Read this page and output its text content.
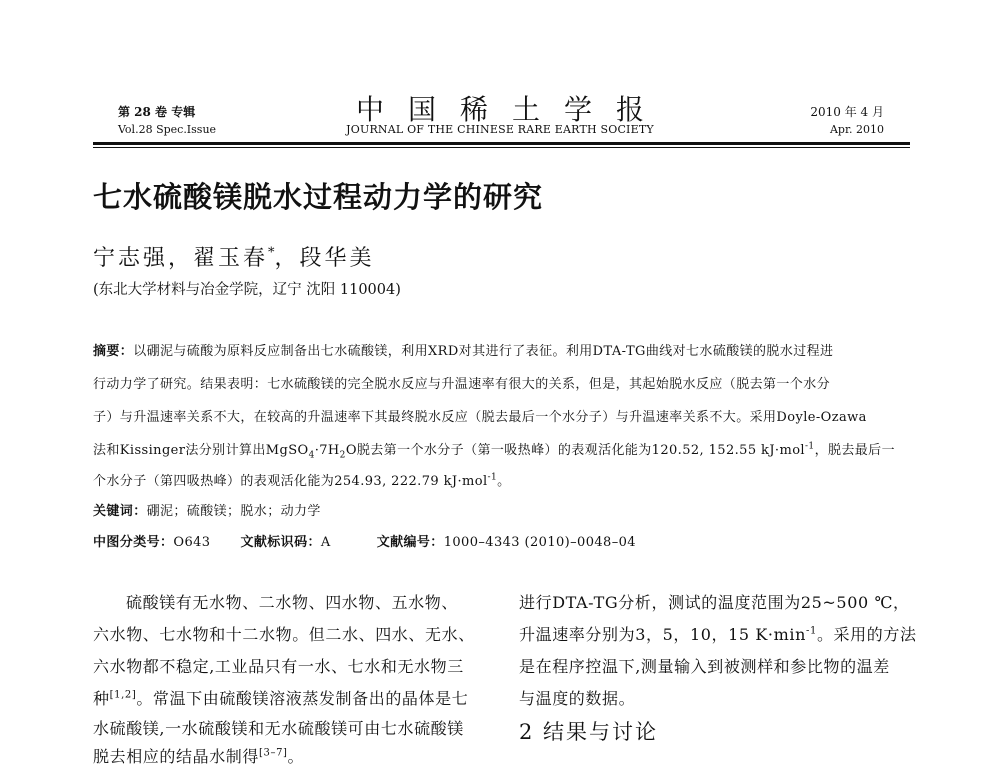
第 28 卷 专辑
Vol.28 Spec.Issue
中国稀土学报
JOURNAL OF THE CHINESE RARE EARTH SOCIETY
2010 年 4 月
Apr. 2010
七水硫酸镁脱水过程动力学的研究
宁志强，翟玉春*，段华美
(东北大学材料与冶金学院，辽宁 沈阳 110004)
摘要：以硼泥与硫酸为原料反应制备出七水硫酸镁，利用XRD对其进行了表征。利用DTA-TG曲线对七水硫酸镁的脱水过程进
行动力学了研究。结果表明：七水硫酸镁的完全脱水反应与升温速率有很大的关系，但是，其起始脱水反应（脱去第一个水分
子）与升温速率关系不大，在较高的升温速率下其最终脱水反应（脱去最后一个水分子）与升温速率关系不大。采用Doyle-Ozawa
法和Kissinger法分别计算出$MgSO_4\cdot 7H_2O$脱去第一个水分子（第一吸热峰）的表观活化能为120.52, 152.55 kJ·mol$^{-1}$，脱去最后一
个水分子（第四吸热峰）的表观活化能为254.93, 222.79 kJ·mol$^{-1}$。
关键词：硼泥；硫酸镁；脱水；动力学
中图分类号：O643 文献标识码：A	文献编号：1000–4343 (2010)–0048–04
硫酸镁有无水物、二水物、四水物、五水物、
六水物、七水物和十二水物。但二水、四水、无水、
六水物都不稳定,工业品只有一水、七水和无水物三
种[1,2]。常温下由硫酸镁溶液蒸发制备出的晶体是七
水硫酸镁,一水硫酸镁和无水硫酸镁可由七水硫酸镁
脱去相应的结晶水制得[3–7]。
进行DTA-TG分析，测试的温度范围为25~500 ℃，
升温速率分别为3，5，10，15 $K\cdot\min^{-1}$。采用的方法
是在程序控温下,测量输入到被测样和参比物的温差
与温度的数据。
2 结果与讨论
